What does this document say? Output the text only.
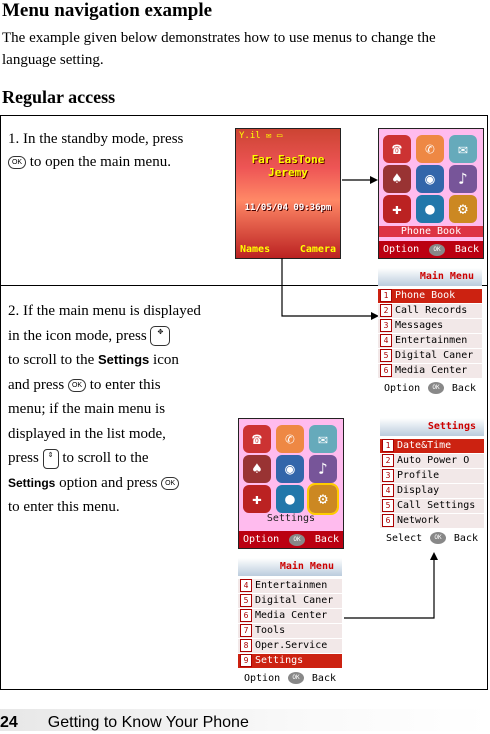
Menu navigation example
The example given below demonstrates how to use menus to change the language setting.
Regular access
1. In the standby mode, press
OK to open the main menu.
2. If the main menu is displayed
in the icon mode, press ✥
to scroll to the Settings icon
and press OK to enter this
menu; if the main menu is
displayed in the list mode,
press ⇕ to scroll to the
Settings option and press OK
to enter this menu.
Y.il ✉ ▭
Far EasTone
Jeremy
11/05/04 09:36pm
Names	Camera
☎	✆	✉
♠	◉	♪
✚	●	⚙
Phone Book
Option	OK	Back
Main Menu
1 Phone Book
2 Call Records
3 Messages
4 Entertainmen
5 Digital Caner
6 Media Center
Option	OK	Back
☎	✆	✉
♠	◉	♪
✚	●	⚙
Settings
Option	OK	Back
Settings
1 Date&Time
2 Auto Power O
3 Profile
4 Display
5 Call Settings
6 Network
Select	OK	Back
Main Menu
4 Entertainmen
5 Digital Caner
6 Media Center
7 Tools
8 Oper.Service
9 Settings
Option	OK	Back
24 Getting to Know Your Phone
